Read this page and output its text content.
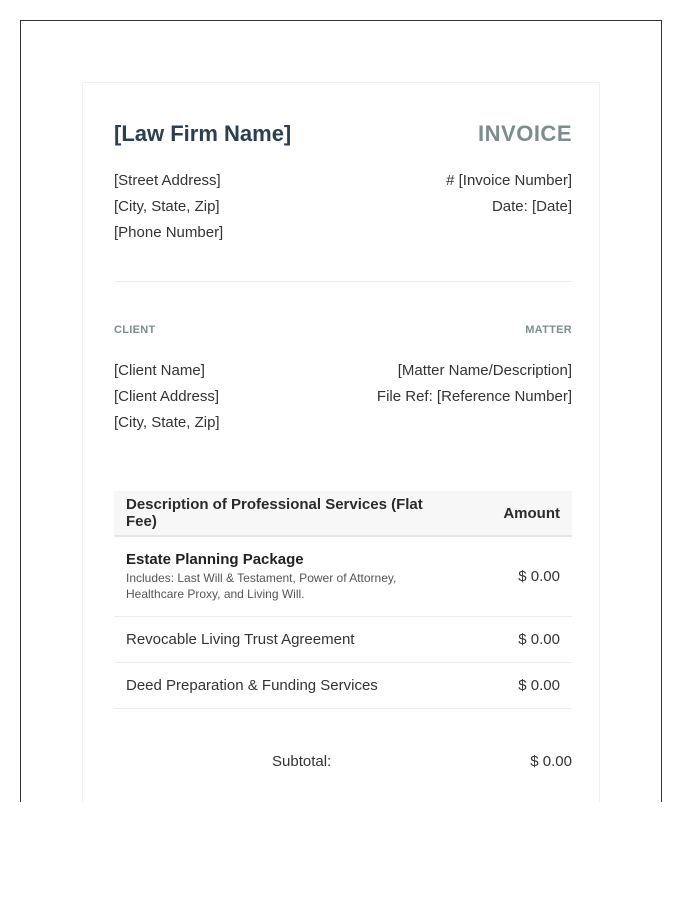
[Law Firm Name]	INVOICE
[Street Address]
[City, State, Zip]
[Phone Number]
# [Invoice Number]
Date: [Date]
CLIENT	MATTER
[Client Name]
[Client Address]
[City, State, Zip]
[Matter Name/Description]
File Ref: [Reference Number]
Description of Professional Services (Flat Fee)	Amount

Estate Planning Package
Includes: Last Will & Testament, Power of Attorney, Healthcare Proxy, and Living Will.	$ 0.00
Revocable Living Trust Agreement	$ 0.00
Deed Preparation & Funding Services	$ 0.00
Subtotal:	$ 0.00
